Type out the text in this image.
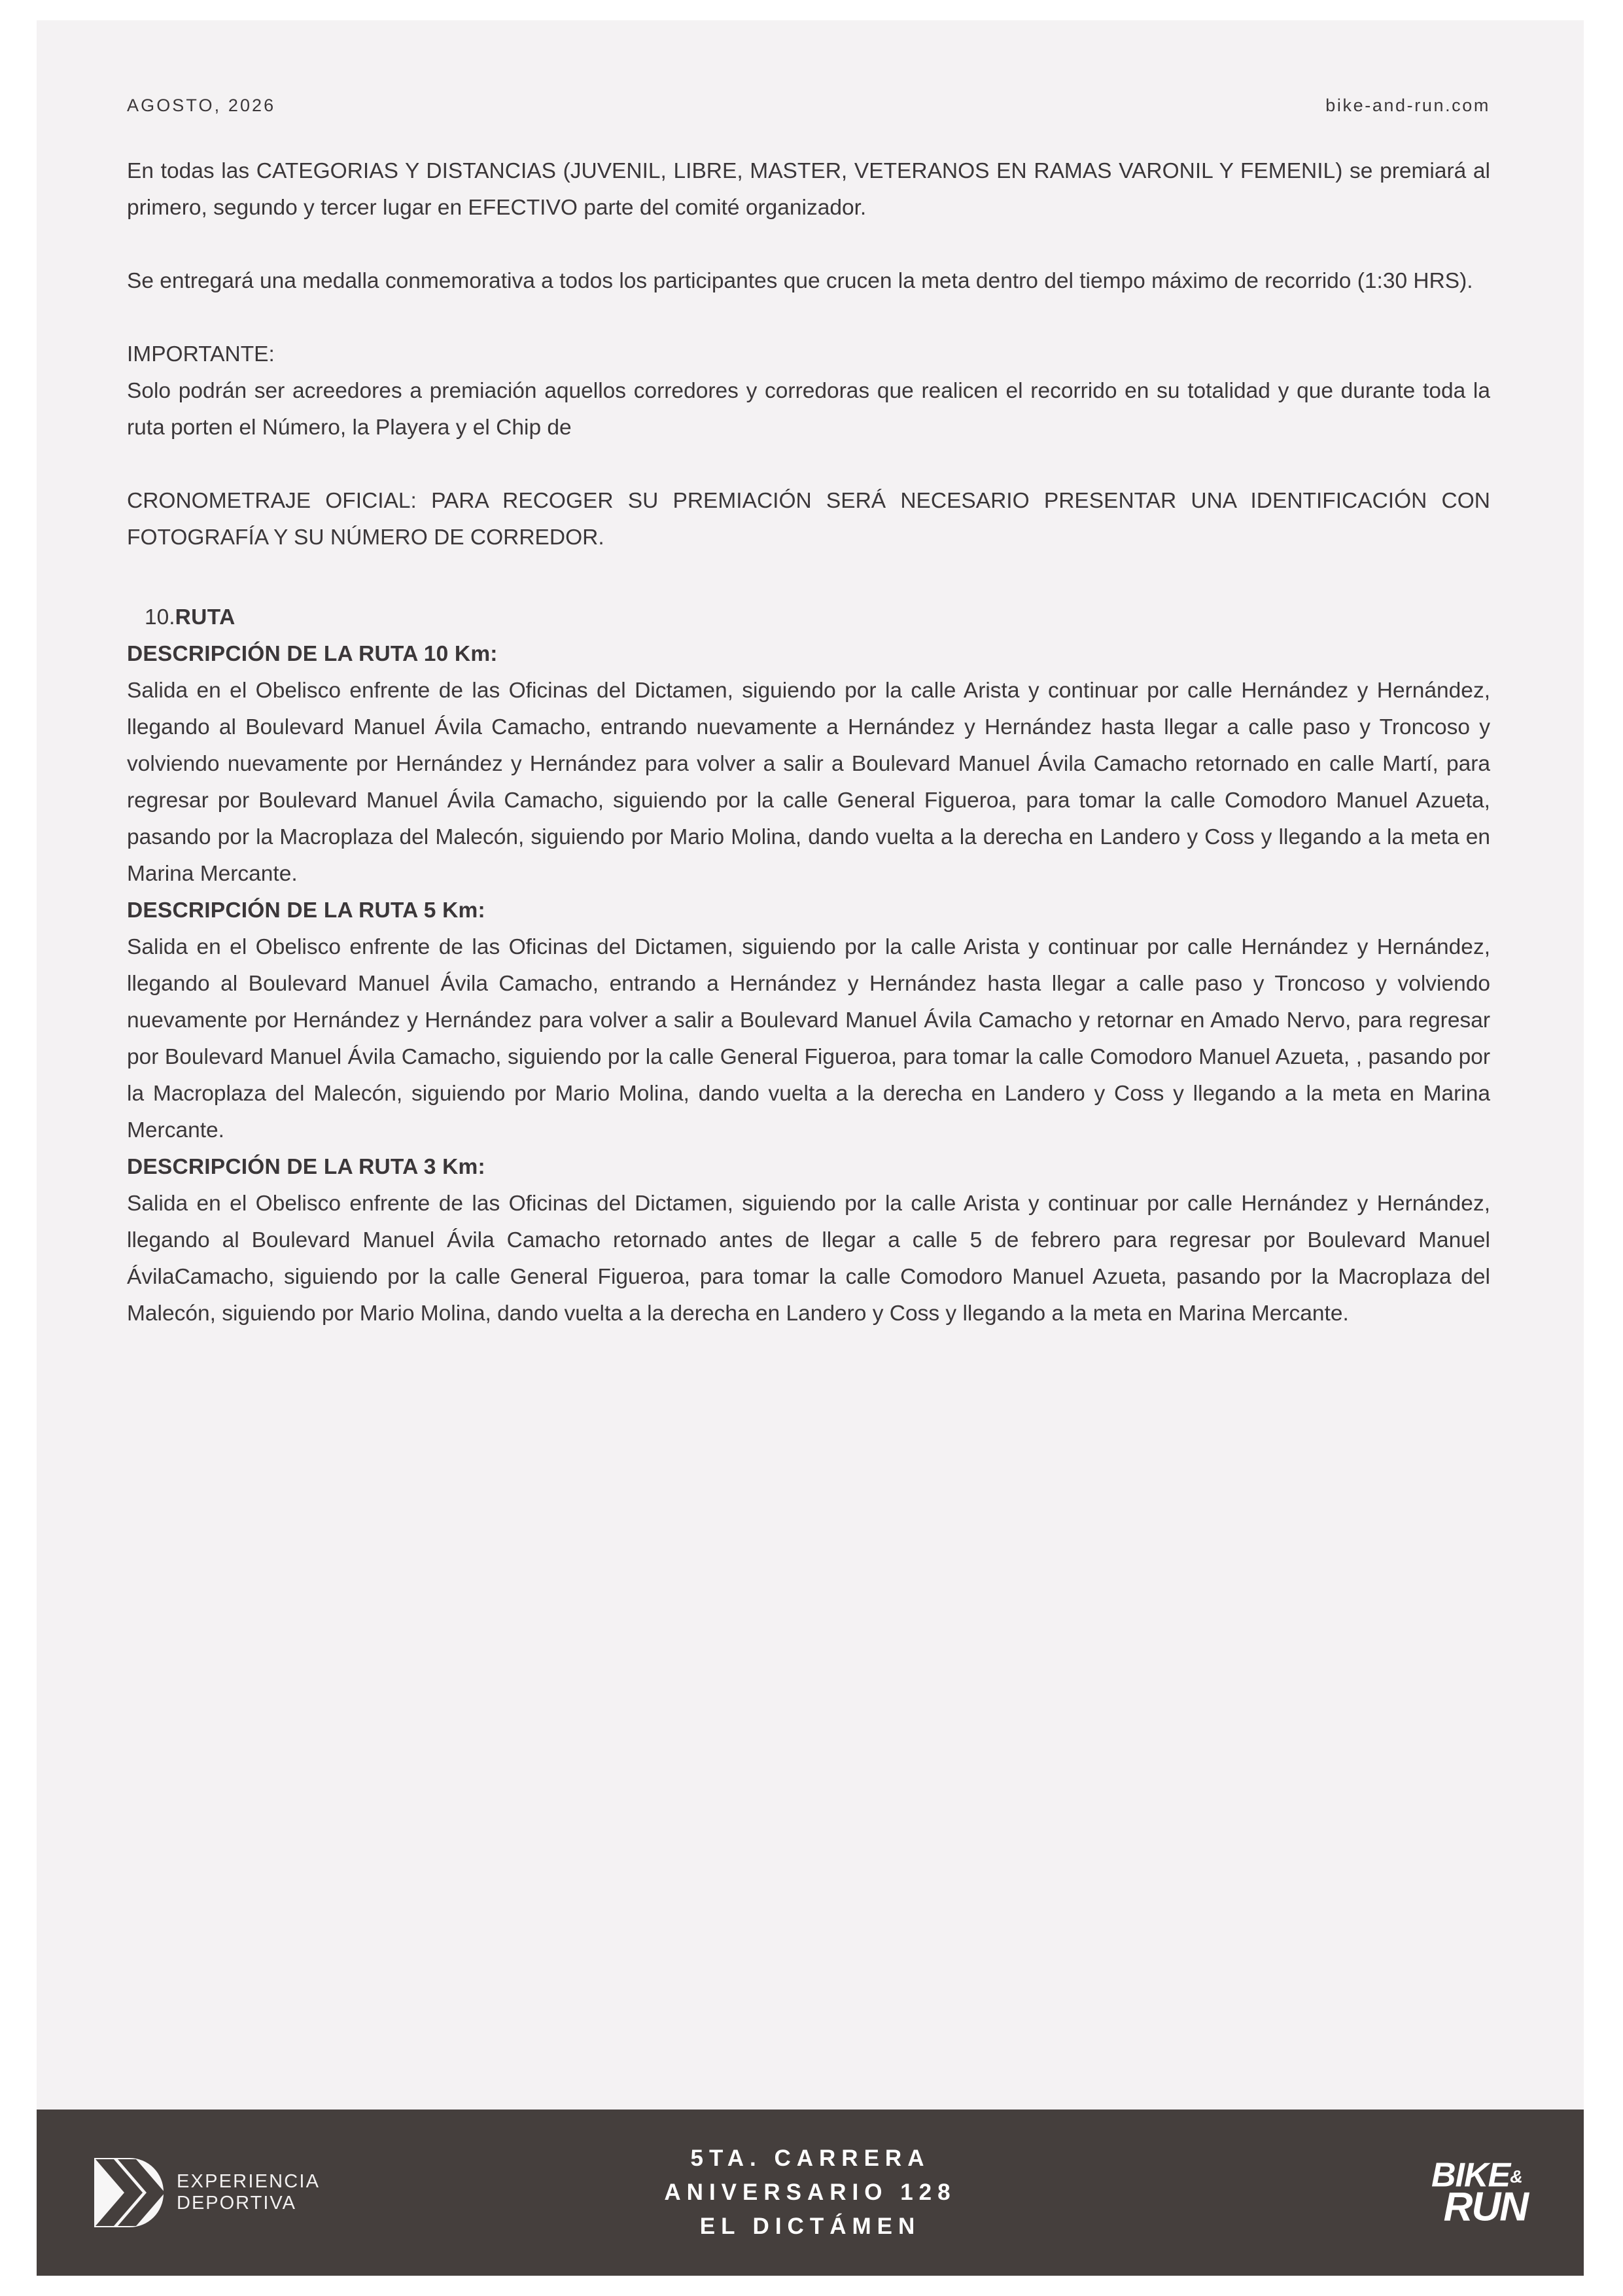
AGOSTO, 2026	bike-and-run.com

En todas las CATEGORIAS Y DISTANCIAS (JUVENIL, LIBRE, MASTER, VETERANOS EN RAMAS VARONIL Y FEMENIL) se premiará al primero, segundo y tercer lugar en EFECTIVO parte del comité organizador.

Se entregará una medalla conmemorativa a todos los participantes que crucen la meta dentro del tiempo máximo de recorrido (1:30 HRS).

IMPORTANTE:

Solo podrán ser acreedores a premiación aquellos corredores y corredoras que realicen el recorrido en su totalidad y que durante toda la ruta porten el Número, la Playera y el Chip de

CRONOMETRAJE OFICIAL: PARA RECOGER SU PREMIACIÓN SERÁ NECESARIO PRESENTAR UNA IDENTIFICACIÓN CON FOTOGRAFÍA Y SU NÚMERO DE CORREDOR.

10.RUTA
DESCRIPCIÓN DE LA RUTA 10 Km:

Salida en el Obelisco enfrente de las Oficinas del Dictamen, siguiendo por la calle Arista y continuar por calle Hernández y Hernández, llegando al Boulevard Manuel Ávila Camacho, entrando nuevamente a Hernández y Hernández hasta llegar a calle paso y Troncoso y volviendo nuevamente por Hernández y Hernández para volver a salir a Boulevard Manuel Ávila Camacho retornado en calle Martí, para regresar por Boulevard Manuel Ávila Camacho, siguiendo por la calle General Figueroa, para tomar la calle Comodoro Manuel Azueta, pasando por la Macroplaza del Malecón, siguiendo por Mario Molina, dando vuelta a la derecha en Landero y Coss y llegando a la meta en Marina Mercante.

DESCRIPCIÓN DE LA RUTA 5 Km:

Salida en el Obelisco enfrente de las Oficinas del Dictamen, siguiendo por la calle Arista y continuar por calle Hernández y Hernández, llegando al Boulevard Manuel Ávila Camacho, entrando a Hernández y Hernández hasta llegar a calle paso y Troncoso y volviendo nuevamente por Hernández y Hernández para volver a salir a Boulevard Manuel Ávila Camacho y retornar en Amado Nervo, para regresar por Boulevard Manuel Ávila Camacho, siguiendo por la calle General Figueroa, para tomar la calle Comodoro Manuel Azueta, , pasando por la Macroplaza del Malecón, siguiendo por Mario Molina, dando vuelta a la derecha en Landero y Coss y llegando a la meta en Marina Mercante.

DESCRIPCIÓN DE LA RUTA 3 Km:

Salida en el Obelisco enfrente de las Oficinas del Dictamen, siguiendo por la calle Arista y continuar por calle Hernández y Hernández, llegando al Boulevard Manuel Ávila Camacho retornado antes de llegar a calle 5 de febrero para regresar por Boulevard Manuel ÁvilaCamacho, siguiendo por la calle General Figueroa, para tomar la calle Comodoro Manuel Azueta, pasando por la Macroplaza del Malecón, siguiendo por Mario Molina, dando vuelta a la derecha en Landero y Coss y llegando a la meta en Marina Mercante.

EXPERIENCIA
DEPORTIVA
5TA. CARRERA
ANIVERSARIO 128
EL DICTÁMEN
BIKE&
RUN
